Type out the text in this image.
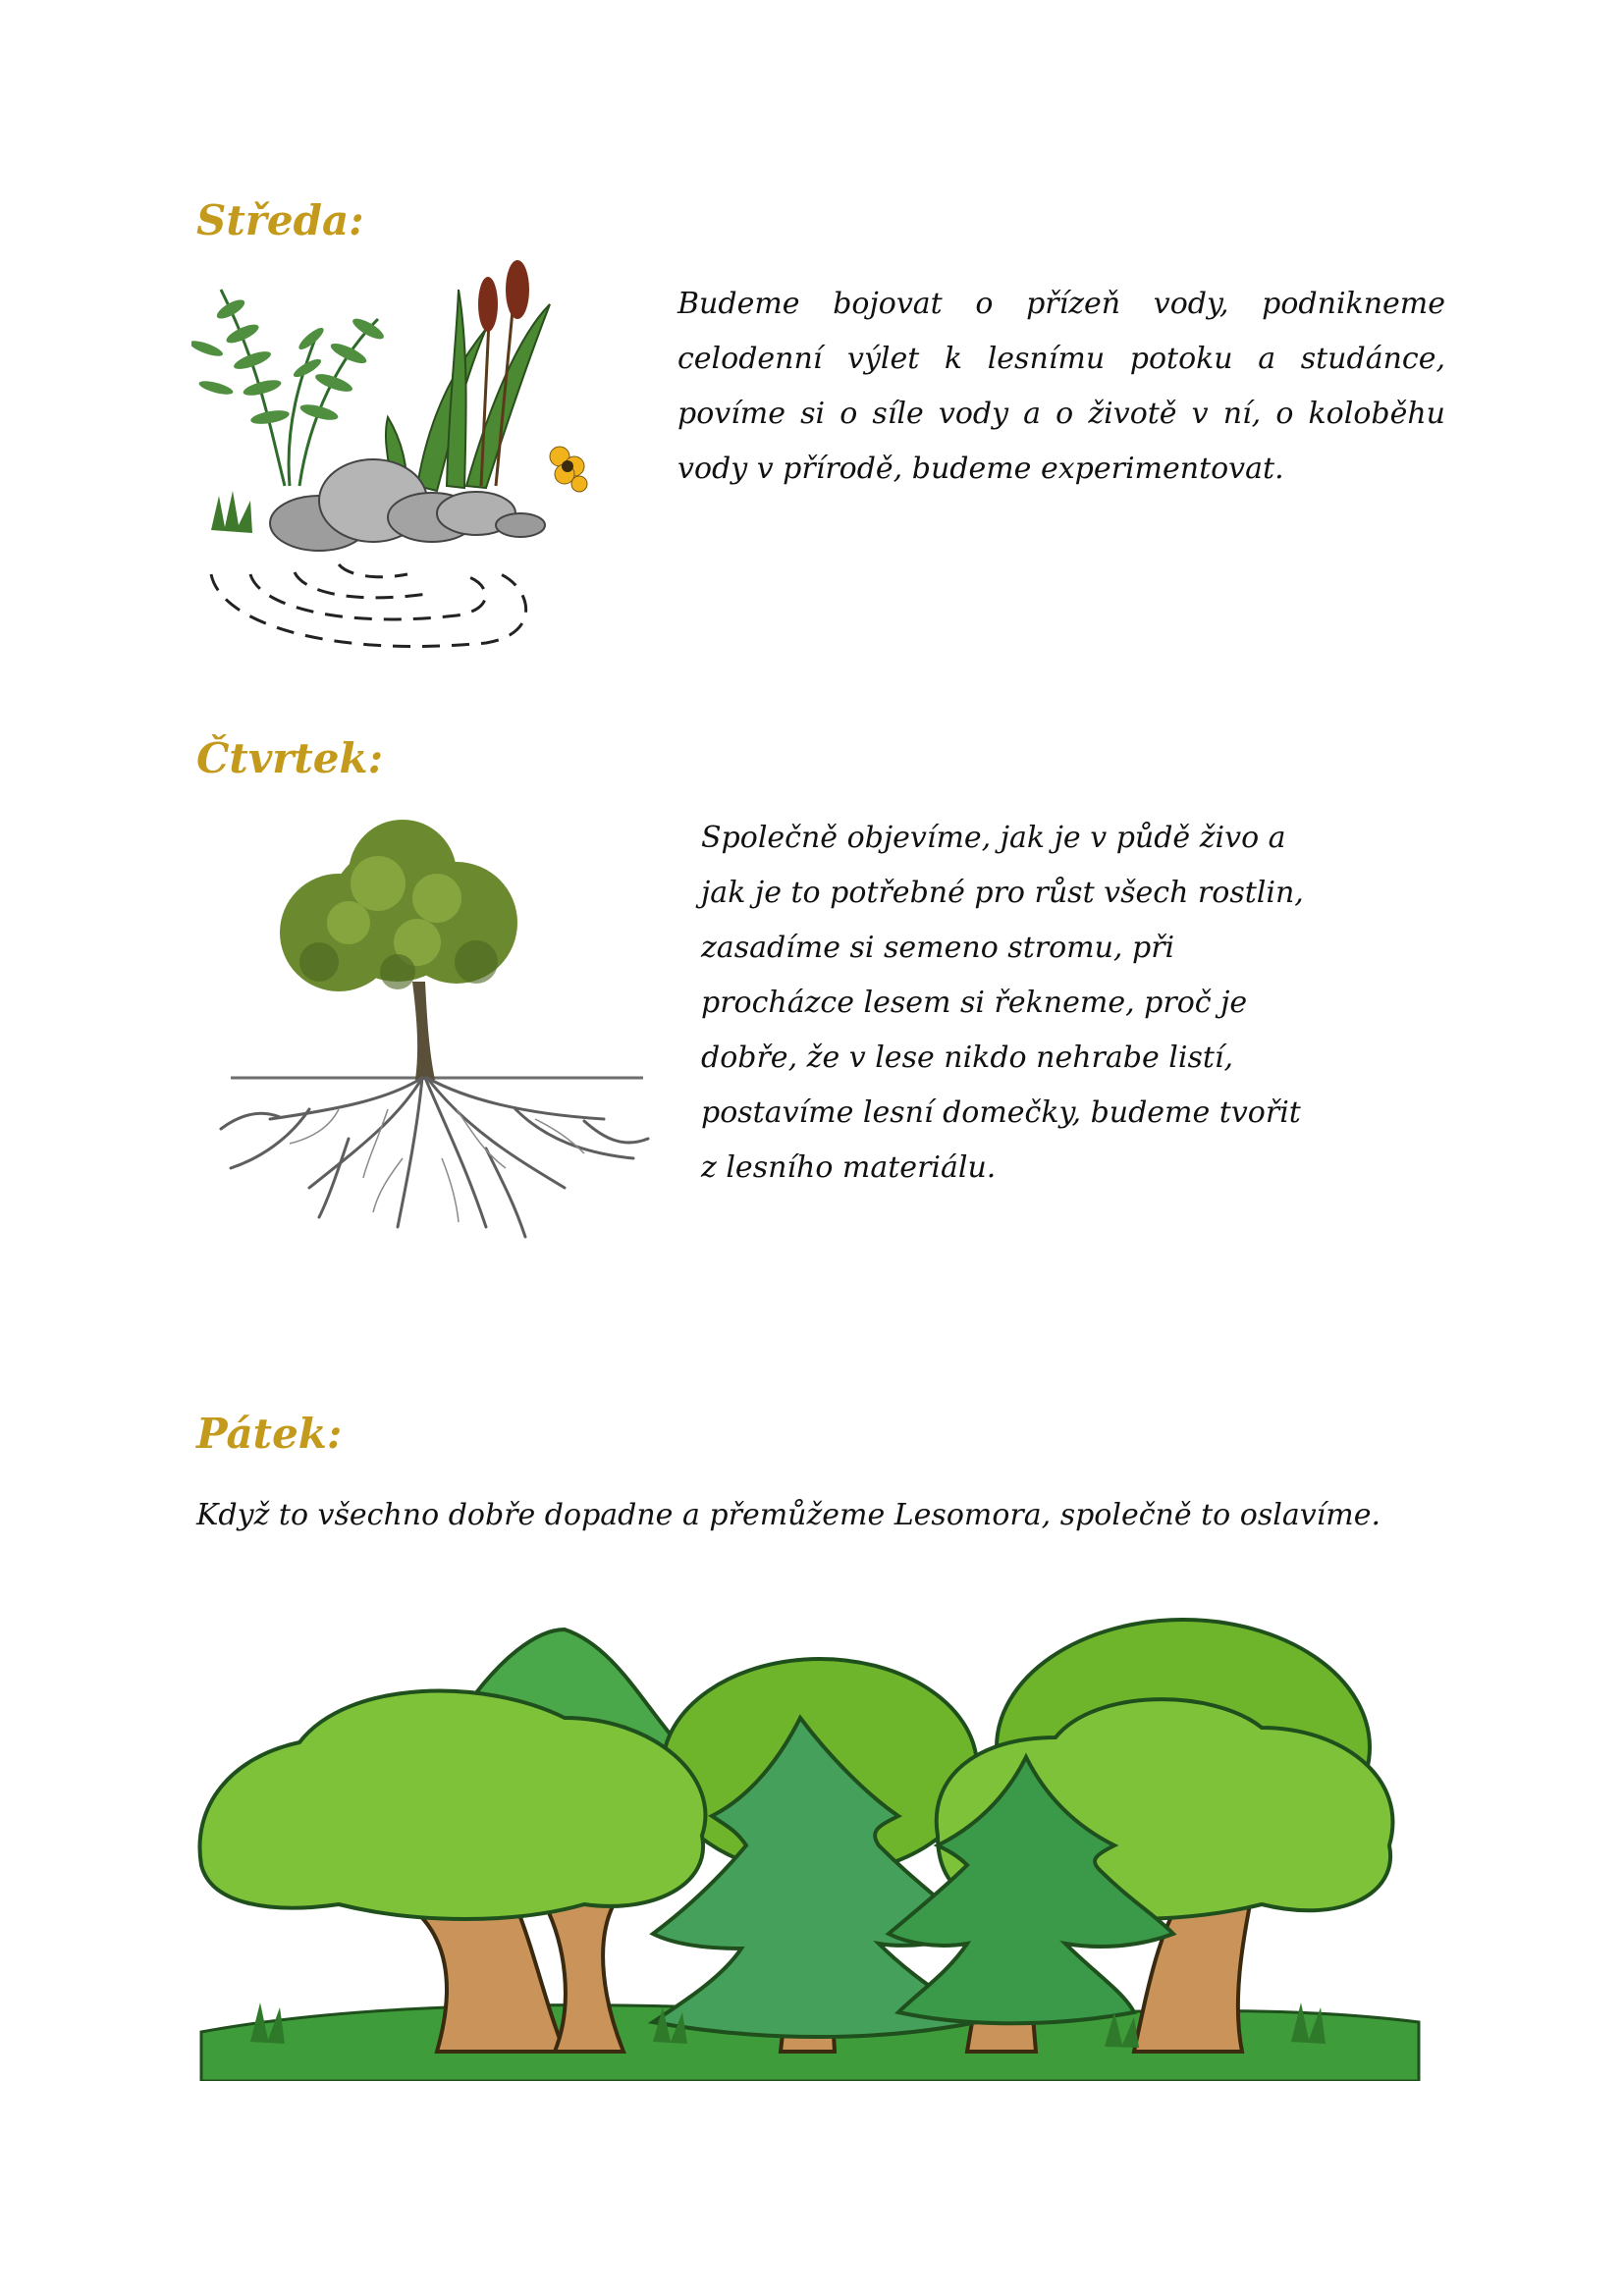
Středa:

Budeme bojovat o přízeň vody, podnikneme celodenní výlet k lesnímu potoku a studánce, povíme si o síle vody a o životě v ní, o koloběhu vody v přírodě, budeme experimentovat.

Čtvrtek:
Společně objevíme, jak je v půdě živo a
jak je to potřebné pro růst všech rostlin,
zasadíme si semeno stromu, při
procházce lesem si řekneme, proč je
dobře, že v lese nikdo nehrabe listí,
postavíme lesní domečky, budeme tvořit
z lesního materiálu.
Pátek:

Když to všechno dobře dopadne a přemůžeme Lesomora, společně to oslavíme.
